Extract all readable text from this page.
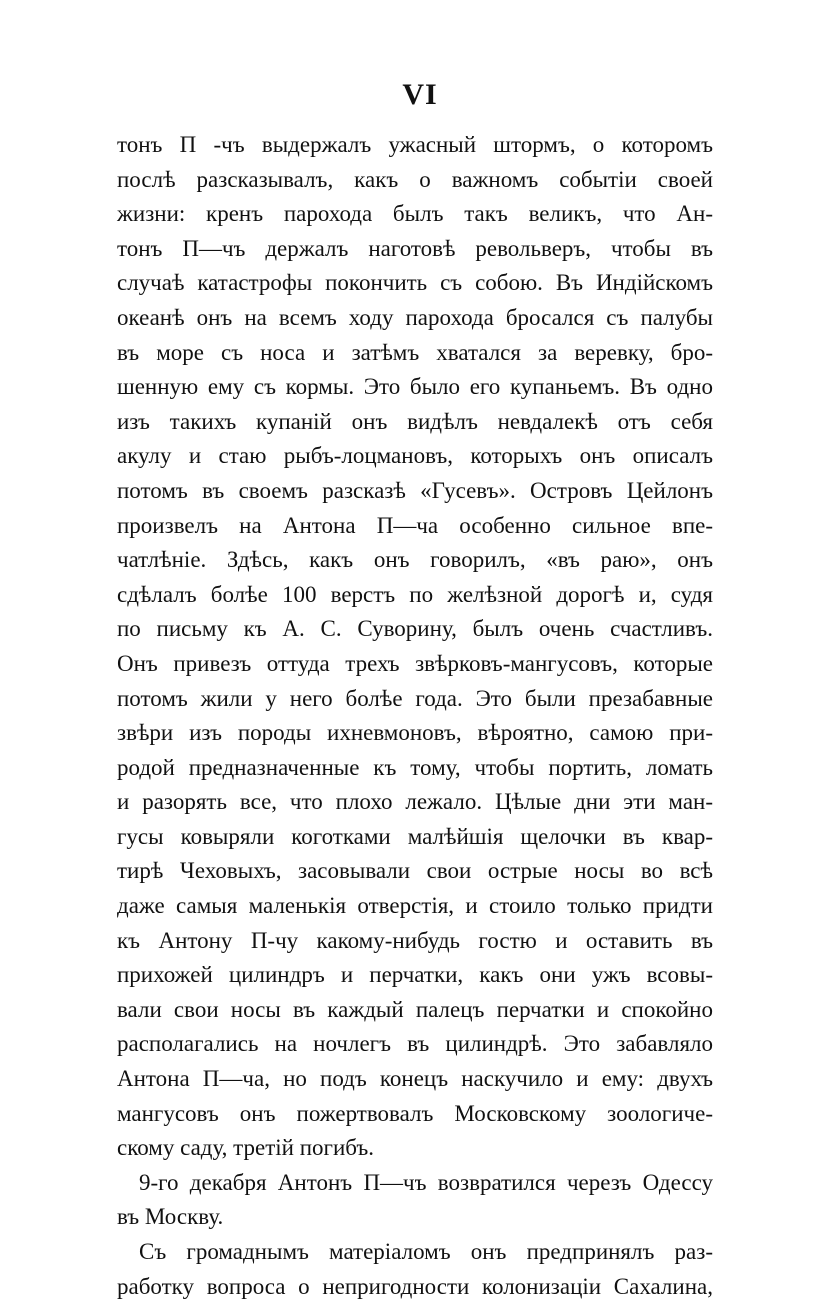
VI
тонъ П -чъ выдержалъ ужасный штормъ, о которомъ
послѣ разсказывалъ, какъ о важномъ событіи своей
жизни: кренъ парохода былъ такъ великъ, что Ан-
тонъ П—чъ держалъ наготовѣ револьверъ, чтобы въ
случаѣ катастрофы покончить съ собою. Въ Индійскомъ
океанѣ онъ на всемъ ходу парохода бросался съ палубы
въ море съ носа и затѣмъ хватался за веревку, бро-
шенную ему съ кормы. Это было его купаньемъ. Въ одно
изъ такихъ купаній онъ видѣлъ невдалекѣ отъ себя
акулу и стаю рыбъ-лоцмановъ, которыхъ онъ описалъ
потомъ въ своемъ разсказѣ «Гусевъ». Островъ Цейлонъ
произвелъ на Антона П—ча особенно сильное впе-
чатлѣніе. Здѣсь, какъ онъ говорилъ, «въ раю», онъ
сдѣлалъ болѣе 100 верстъ по желѣзной дорогѣ и, судя
по письму къ А. С. Суворину, былъ очень счастливъ.
Онъ привезъ оттуда трехъ звѣрковъ-мангусовъ, которые
потомъ жили у него болѣе года. Это были презабавные
звѣри изъ породы ихневмоновъ, вѣроятно, самою при-
родой предназначенные къ тому, чтобы портить, ломать
и разорять все, что плохо лежало. Цѣлые дни эти ман-
гусы ковыряли коготками малѣйшія щелочки въ квар-
тирѣ Чеховыхъ, засовывали свои острые носы во всѣ
даже самыя маленькія отверстія, и стоило только придти
къ Антону П-чу какому-нибудь гостю и оставить въ
прихожей цилиндръ и перчатки, какъ они ужъ всовы-
вали свои носы въ каждый палецъ перчатки и спокойно
располагались на ночлегъ въ цилиндрѣ. Это забавляло
Антона П—ча, но подъ конецъ наскучило и ему: двухъ
мангусовъ онъ пожертвовалъ Московскому зоологиче-
скому саду, третій погибъ.
9-го декабря Антонъ П—чъ возвратился черезъ Одессу
въ Москву.
Съ громаднымъ матеріаломъ онъ предпринялъ раз-
работку вопроса о непригодности колонизаціи Сахалина,
